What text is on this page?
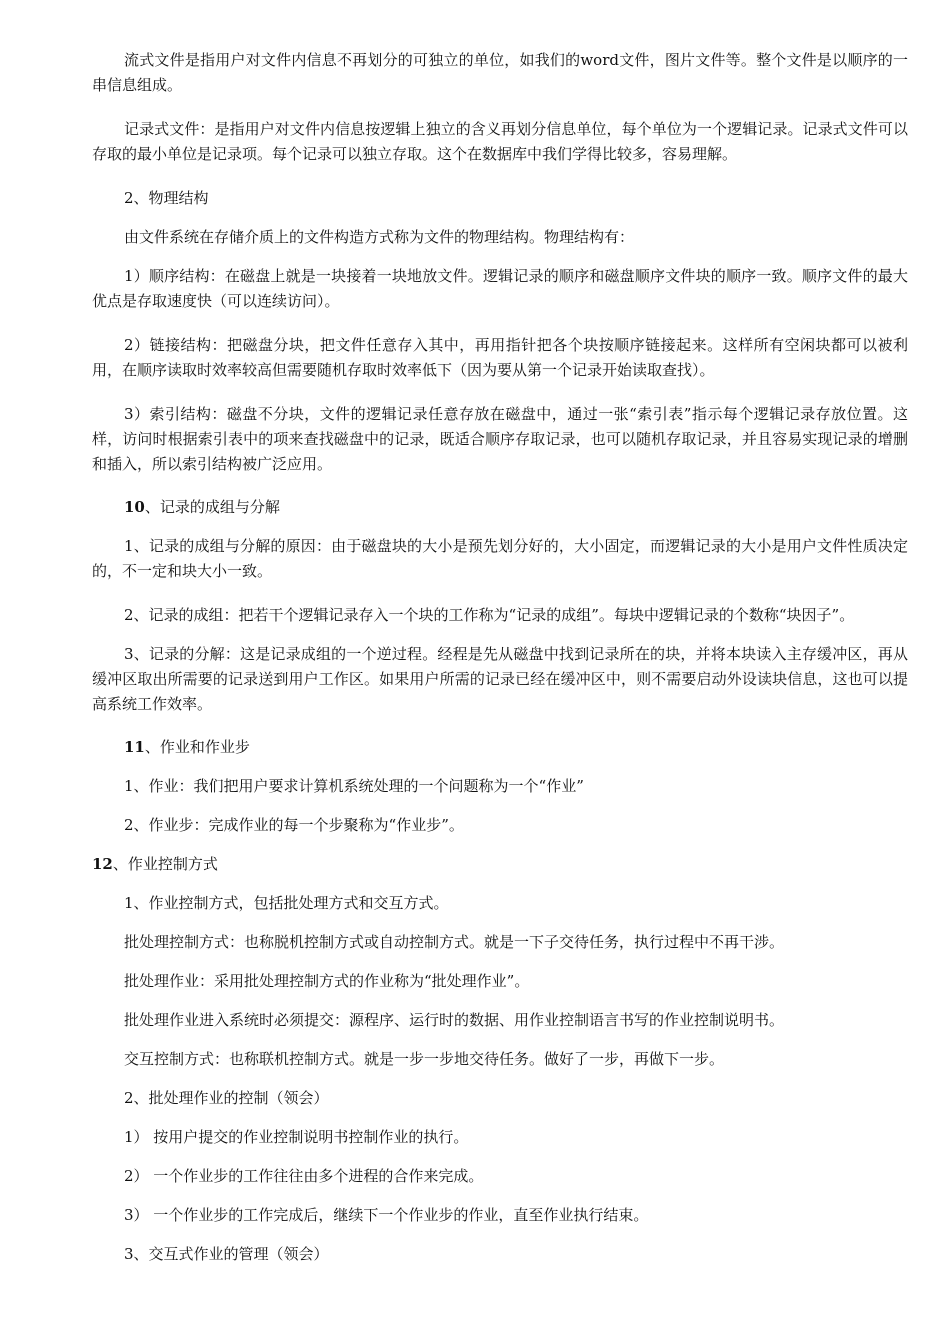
流式文件是指用户对文件内信息不再划分的可独立的单位，如我们的word文件，图片文件等。整个文件是以顺序的一串信息组成。

记录式文件：是指用户对文件内信息按逻辑上独立的含义再划分信息单位，每个单位为一个逻辑记录。记录式文件可以存取的最小单位是记录项。每个记录可以独立存取。这个在数据库中我们学得比较多，容易理解。

2、物理结构

由文件系统在存储介质上的文件构造方式称为文件的物理结构。物理结构有：

1）顺序结构：在磁盘上就是一块接着一块地放文件。逻辑记录的顺序和磁盘顺序文件块的顺序一致。顺序文件的最大优点是存取速度快（可以连续访问）。

2）链接结构：把磁盘分块，把文件任意存入其中，再用指针把各个块按顺序链接起来。这样所有空闲块都可以被利用，在顺序读取时效率较高但需要随机存取时效率低下（因为要从第一个记录开始读取查找）。

3）索引结构：磁盘不分块，文件的逻辑记录任意存放在磁盘中，通过一张“索引表”指示每个逻辑记录存放位置。这样，访问时根据索引表中的项来查找磁盘中的记录，既适合顺序存取记录，也可以随机存取记录，并且容易实现记录的增删和插入，所以索引结构被广泛应用。

10、记录的成组与分解

1、记录的成组与分解的原因：由于磁盘块的大小是预先划分好的，大小固定，而逻辑记录的大小是用户文件性质决定的，不一定和块大小一致。

2、记录的成组：把若干个逻辑记录存入一个块的工作称为“记录的成组”。每块中逻辑记录的个数称“块因子”。

3、记录的分解：这是记录成组的一个逆过程。经程是先从磁盘中找到记录所在的块，并将本块读入主存缓冲区，再从缓冲区取出所需要的记录送到用户工作区。如果用户所需的记录已经在缓冲区中，则不需要启动外设读块信息，这也可以提高系统工作效率。

11、作业和作业步

1、作业：我们把用户要求计算机系统处理的一个问题称为一个“作业”

2、作业步：完成作业的每一个步聚称为“作业步”。

12、作业控制方式

1、作业控制方式，包括批处理方式和交互方式。

批处理控制方式：也称脱机控制方式或自动控制方式。就是一下子交待任务，执行过程中不再干涉。

批处理作业：采用批处理控制方式的作业称为“批处理作业”。

批处理作业进入系统时必须提交：源程序、运行时的数据、用作业控制语言书写的作业控制说明书。

交互控制方式：也称联机控制方式。就是一步一步地交待任务。做好了一步，再做下一步。

2、批处理作业的控制（领会）

1） 按用户提交的作业控制说明书控制作业的执行。

2） 一个作业步的工作往往由多个进程的合作来完成。

3） 一个作业步的工作完成后，继续下一个作业步的作业，直至作业执行结束。

3、交互式作业的管理（领会）
